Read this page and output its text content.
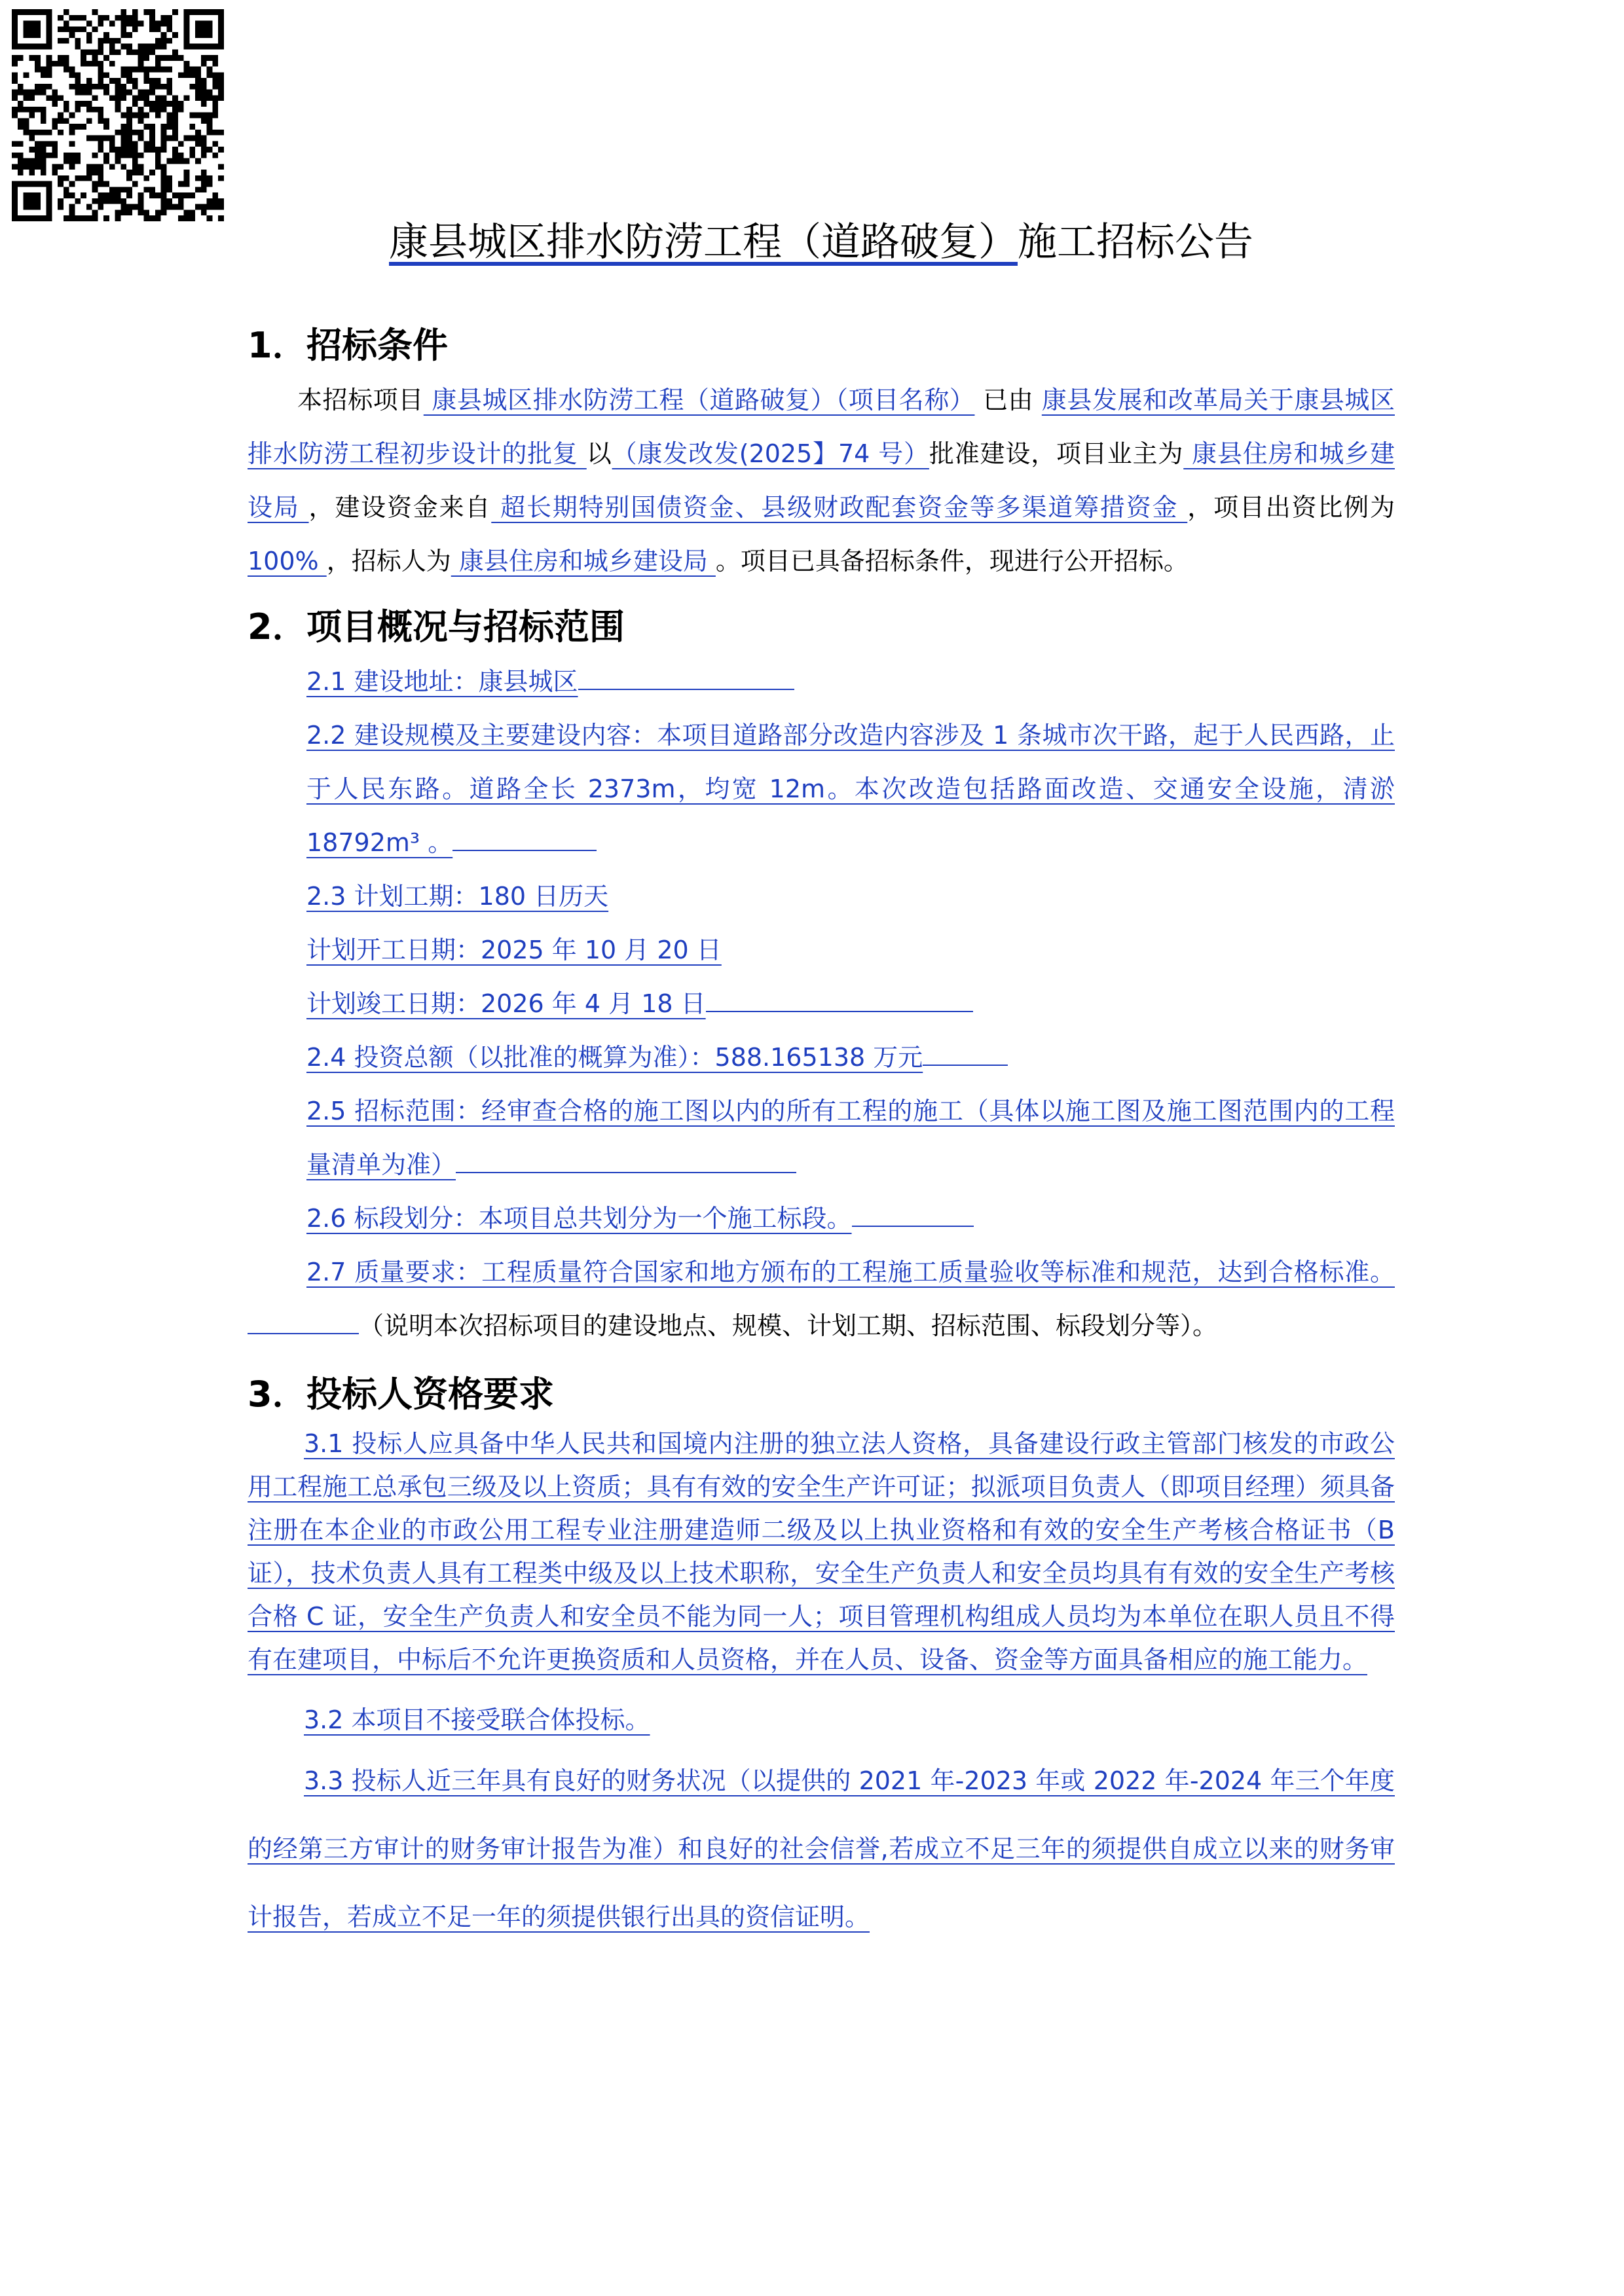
康县城区排水防涝工程（道路破复）施工招标公告
1．招标条件

本招标项目 康县城区排水防涝工程（道路破复）（项目名称） 已由 康县发展和改革局关于康县城区排水防涝工程初步设计的批复 以（康发改发(2025】74 号）批准建设，项目业主为 康县住房和城乡建设局 ，建设资金来自 超长期特别国债资金、县级财政配套资金等多渠道筹措资金 ，项目出资比例为 100% ，招标人为 康县住房和城乡建设局 。项目已具备招标条件，现进行公开招标。

2．项目概况与招标范围

2.1 建设地址：康县城区

2.2 建设规模及主要建设内容：本项目道路部分改造内容涉及 1 条城市次干路，起于人民西路，止于人民东路。道路全长 2373m，均宽 12m。本次改造包括路面改造、交通安全设施，清淤 18792m³ 。

2.3 计划工期：180 日历天

计划开工日期：2025 年 10 月 20 日

计划竣工日期：2026 年 4 月 18 日

2.4 投资总额（以批准的概算为准）：588.165138 万元

2.5 招标范围：经审查合格的施工图以内的所有工程的施工（具体以施工图及施工图范围内的工程量清单为准）

2.6 标段划分：本项目总共划分为一个施工标段。

2.7 质量要求：工程质量符合国家和地方颁布的工程施工质量验收等标准和规范，达到合格标准。（说明本次招标项目的建设地点、规模、计划工期、招标范围、标段划分等）。

3．投标人资格要求

3.1 投标人应具备中华人民共和国境内注册的独立法人资格，具备建设行政主管部门核发的市政公用工程施工总承包三级及以上资质；具有有效的安全生产许可证；拟派项目负责人（即项目经理）须具备注册在本企业的市政公用工程专业注册建造师二级及以上执业资格和有效的安全生产考核合格证书（B 证），技术负责人具有工程类中级及以上技术职称，安全生产负责人和安全员均具有有效的安全生产考核合格 C 证，安全生产负责人和安全员不能为同一人；项目管理机构组成人员均为本单位在职人员且不得有在建项目，中标后不允许更换资质和人员资格，并在人员、设备、资金等方面具备相应的施工能力。

3.2 本项目不接受联合体投标。

3.3 投标人近三年具有良好的财务状况（以提供的 2021 年-2023 年或 2022 年-2024 年三个年度的经第三方审计的财务审计报告为准）和良好的社会信誉,若成立不足三年的须提供自成立以来的财务审计报告，若成立不足一年的须提供银行出具的资信证明。
